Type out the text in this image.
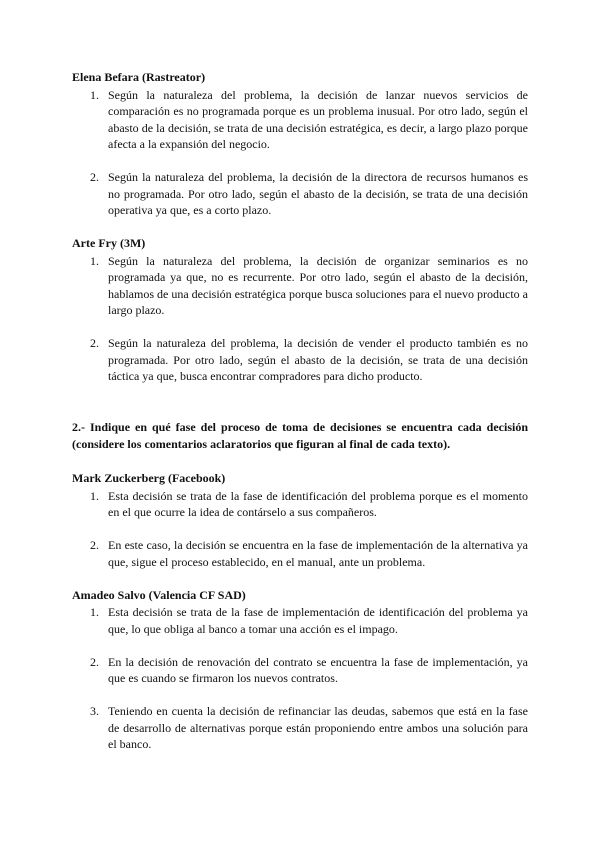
Elena Befara (Rastreator)

1. Según la naturaleza del problema, la decisión de lanzar nuevos servicios de comparación es no programada porque es un problema inusual. Por otro lado, según el abasto de la decisión, se trata de una decisión estratégica, es decir, a largo plazo porque afecta a la expansión del negocio.
2. Según la naturaleza del problema, la decisión de la directora de recursos humanos es no programada. Por otro lado, según el abasto de la decisión, se trata de una decisión operativa ya que, es a corto plazo.

Arte Fry (3M)

1. Según la naturaleza del problema, la decisión de organizar seminarios es no programada ya que, no es recurrente. Por otro lado, según el abasto de la decisión, hablamos de una decisión estratégica porque busca soluciones para el nuevo producto a largo plazo.
2. Según la naturaleza del problema, la decisión de vender el producto también es no programada. Por otro lado, según el abasto de la decisión, se trata de una decisión táctica ya que, busca encontrar compradores para dicho producto.

2.- Indique en qué fase del proceso de toma de decisiones se encuentra cada decisión (considere los comentarios aclaratorios que figuran al final de cada texto).

Mark Zuckerberg (Facebook)

1. Esta decisión se trata de la fase de identificación del problema porque es el momento en el que ocurre la idea de contárselo a sus compañeros.
2. En este caso, la decisión se encuentra en la fase de implementación de la alternativa ya que, sigue el proceso establecido, en el manual, ante un problema.

Amadeo Salvo (Valencia CF SAD)

1. Esta decisión se trata de la fase de implementación de identificación del problema ya que, lo que obliga al banco a tomar una acción es el impago.
2. En la decisión de renovación del contrato se encuentra la fase de implementación, ya que es cuando se firmaron los nuevos contratos.
3. Teniendo en cuenta la decisión de refinanciar las deudas, sabemos que está en la fase de desarrollo de alternativas porque están proponiendo entre ambos una solución para el banco.
